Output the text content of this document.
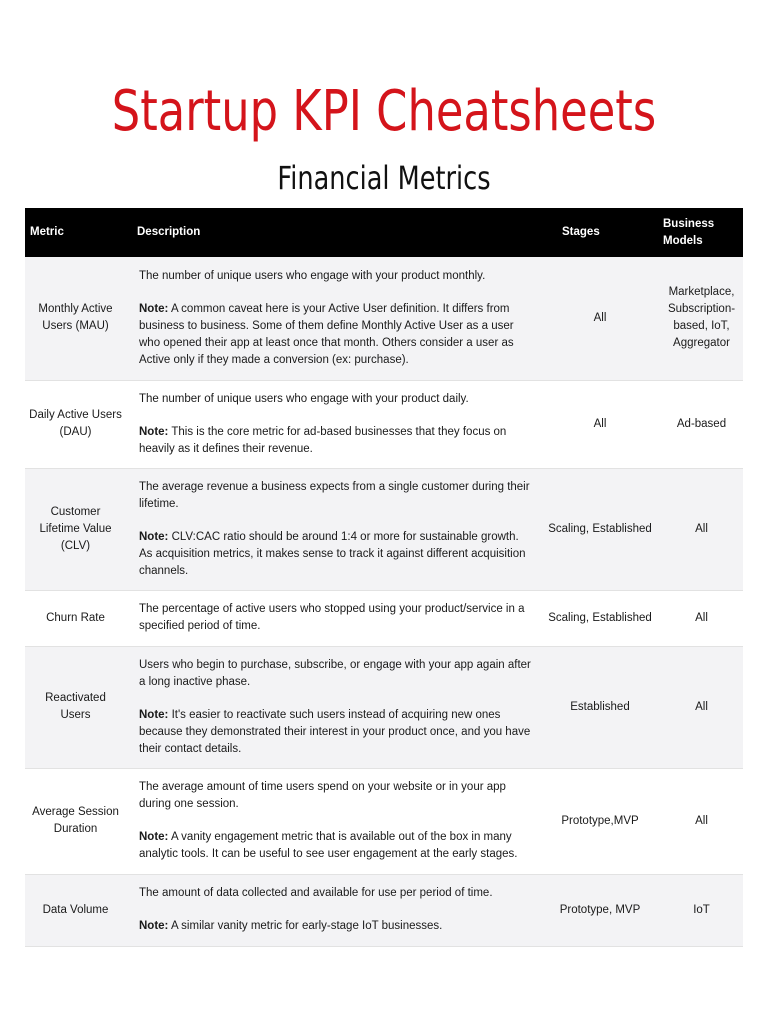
Startup KPI Cheatsheets
Financial Metrics
Metric	Description	Stages	Business Models
Monthly Active Users (MAU)	The number of unique users who engage with your product monthly.

Note: A common caveat here is your Active User definition. It differs from business to business. Some of them define Monthly Active User as a user who opened their app at least once that month. Others consider a user as Active only if they made a conversion (ex: purchase).	All	Marketplace, Subscription-based, IoT, Aggregator
Daily Active Users (DAU)	The number of unique users who engage with your product daily.

Note: This is the core metric for ad-based businesses that they focus on heavily as it defines their revenue.	All	Ad-based
Customer Lifetime Value (CLV)	The average revenue a business expects from a single customer during their lifetime.

Note: CLV:CAC ratio should be around 1:4 or more for sustainable growth. As acquisition metrics, it makes sense to track it against different acquisition channels.	Scaling, Established	All
Churn Rate	The percentage of active users who stopped using your product/service in a specified period of time.	Scaling, Established	All
Reactivated Users	Users who begin to purchase, subscribe, or engage with your app again after a long inactive phase.

Note: It's easier to reactivate such users instead of acquiring new ones because they demonstrated their interest in your product once, and you have their contact details.	Established	All
Average Session Duration	The average amount of time users spend on your website or in your app during one session.

Note: A vanity engagement metric that is available out of the box in many analytic tools. It can be useful to see user engagement at the early stages.	Prototype,MVP	All
Data Volume	The amount of data collected and available for use per period of time.

Note: A similar vanity metric for early-stage IoT businesses.	Prototype, MVP	IoT
